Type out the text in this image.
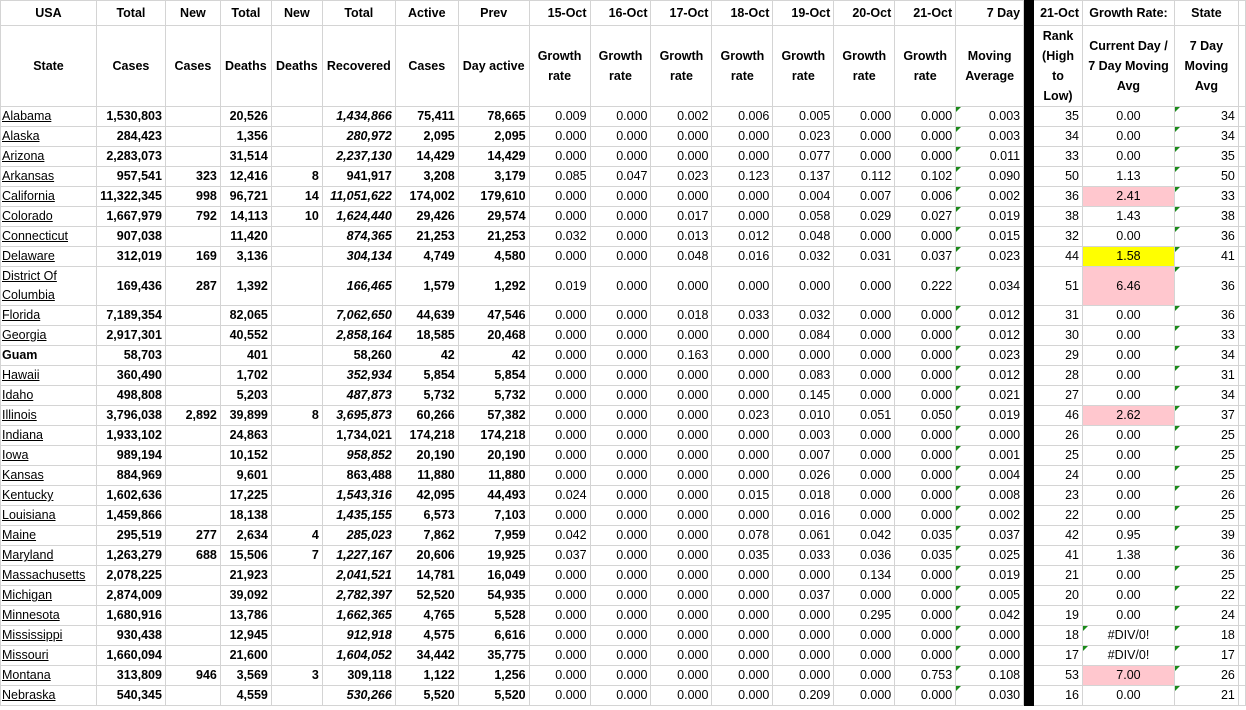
USA	Total	New	Total	New	Total	Active	Prev	15-Oct	16-Oct	17-Oct	18-Oct	19-Oct	20-Oct	21-Oct	7 Day		21-Oct	Growth Rate:	State	
State	Cases	Cases	Deaths	Deaths	Recovered	Cases	Day active	Growth rate	Growth rate	Growth rate	Growth rate	Growth rate	Growth rate	Growth rate	Moving Average		Rank (High to Low)	Current Day / 7 Day Moving Avg	7 Day Moving Avg	
Alabama	1,530,803		20,526		1,434,866	75,411	78,665	0.009	0.000	0.002	0.006	0.005	0.000	0.000	0.003		35	0.00	34	
Alaska	284,423		1,356		280,972	2,095	2,095	0.000	0.000	0.000	0.000	0.023	0.000	0.000	0.003		34	0.00	34	
Arizona	2,283,073		31,514		2,237,130	14,429	14,429	0.000	0.000	0.000	0.000	0.077	0.000	0.000	0.011		33	0.00	35	
Arkansas	957,541	323	12,416	8	941,917	3,208	3,179	0.085	0.047	0.023	0.123	0.137	0.112	0.102	0.090		50	1.13	50	
California	11,322,345	998	96,721	14	11,051,622	174,002	179,610	0.000	0.000	0.000	0.000	0.004	0.007	0.006	0.002		36	2.41	33	
Colorado	1,667,979	792	14,113	10	1,624,440	29,426	29,574	0.000	0.000	0.017	0.000	0.058	0.029	0.027	0.019		38	1.43	38	
Connecticut	907,038		11,420		874,365	21,253	21,253	0.032	0.000	0.013	0.012	0.048	0.000	0.000	0.015		32	0.00	36	
Delaware	312,019	169	3,136		304,134	4,749	4,580	0.000	0.000	0.048	0.016	0.032	0.031	0.037	0.023		44	1.58	41	
District Of Columbia	169,436	287	1,392		166,465	1,579	1,292	0.019	0.000	0.000	0.000	0.000	0.000	0.222	0.034		51	6.46	36	
Florida	7,189,354		82,065		7,062,650	44,639	47,546	0.000	0.000	0.018	0.033	0.032	0.000	0.000	0.012		31	0.00	36	
Georgia	2,917,301		40,552		2,858,164	18,585	20,468	0.000	0.000	0.000	0.000	0.084	0.000	0.000	0.012		30	0.00	33	
Guam	58,703		401		58,260	42	42	0.000	0.000	0.163	0.000	0.000	0.000	0.000	0.023		29	0.00	34	
Hawaii	360,490		1,702		352,934	5,854	5,854	0.000	0.000	0.000	0.000	0.083	0.000	0.000	0.012		28	0.00	31	
Idaho	498,808		5,203		487,873	5,732	5,732	0.000	0.000	0.000	0.000	0.145	0.000	0.000	0.021		27	0.00	34	
Illinois	3,796,038	2,892	39,899	8	3,695,873	60,266	57,382	0.000	0.000	0.000	0.023	0.010	0.051	0.050	0.019		46	2.62	37	
Indiana	1,933,102		24,863		1,734,021	174,218	174,218	0.000	0.000	0.000	0.000	0.003	0.000	0.000	0.000		26	0.00	25	
Iowa	989,194		10,152		958,852	20,190	20,190	0.000	0.000	0.000	0.000	0.007	0.000	0.000	0.001		25	0.00	25	
Kansas	884,969		9,601		863,488	11,880	11,880	0.000	0.000	0.000	0.000	0.026	0.000	0.000	0.004		24	0.00	25	
Kentucky	1,602,636		17,225		1,543,316	42,095	44,493	0.024	0.000	0.000	0.015	0.018	0.000	0.000	0.008		23	0.00	26	
Louisiana	1,459,866		18,138		1,435,155	6,573	7,103	0.000	0.000	0.000	0.000	0.016	0.000	0.000	0.002		22	0.00	25	
Maine	295,519	277	2,634	4	285,023	7,862	7,959	0.042	0.000	0.000	0.078	0.061	0.042	0.035	0.037		42	0.95	39	
Maryland	1,263,279	688	15,506	7	1,227,167	20,606	19,925	0.037	0.000	0.000	0.035	0.033	0.036	0.035	0.025		41	1.38	36	
Massachusetts	2,078,225		21,923		2,041,521	14,781	16,049	0.000	0.000	0.000	0.000	0.000	0.134	0.000	0.019		21	0.00	25	
Michigan	2,874,009		39,092		2,782,397	52,520	54,935	0.000	0.000	0.000	0.000	0.037	0.000	0.000	0.005		20	0.00	22	
Minnesota	1,680,916		13,786		1,662,365	4,765	5,528	0.000	0.000	0.000	0.000	0.000	0.295	0.000	0.042		19	0.00	24	
Mississippi	930,438		12,945		912,918	4,575	6,616	0.000	0.000	0.000	0.000	0.000	0.000	0.000	0.000		18	#DIV/0!	18	
Missouri	1,660,094		21,600		1,604,052	34,442	35,775	0.000	0.000	0.000	0.000	0.000	0.000	0.000	0.000		17	#DIV/0!	17	
Montana	313,809	946	3,569	3	309,118	1,122	1,256	0.000	0.000	0.000	0.000	0.000	0.000	0.753	0.108		53	7.00	26	
Nebraska	540,345		4,559		530,266	5,520	5,520	0.000	0.000	0.000	0.000	0.209	0.000	0.000	0.030		16	0.00	21	
